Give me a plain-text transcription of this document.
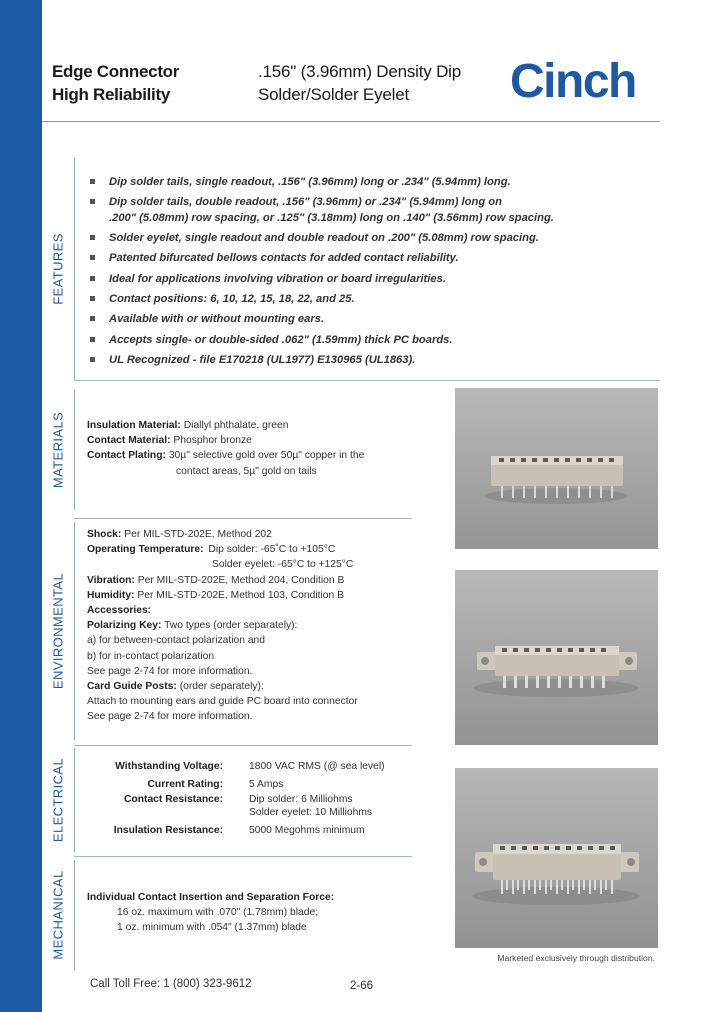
Edge Connector
High Reliability
.156" (3.96mm) Density Dip
Solder/Solder Eyelet	Cinch
FEATURES
MATERIALS
ENVIRONMENTAL
ELECTRICAL
MECHANICAL
Dip solder tails, single readout, .156" (3.96mm) long or .234" (5.94mm) long.
Dip solder tails, double readout, .156" (3.96mm) or .234" (5.94mm) long on
.200" (5.08mm) row spacing, or .125" (3.18mm) long on .140" (3.56mm) row spacing.
Solder eyelet, single readout and double readout on .200" (5.08mm) row spacing.
Patented bifurcated bellows contacts for added contact reliability.
Ideal for applications involving vibration or board irregularities.
Contact positions: 6, 10, 12, 15, 18, 22, and 25.
Available with or without mounting ears.
Accepts single- or double-sided .062" (1.59mm) thick PC boards.
UL Recognized - file E170218 (UL1977) E130965 (UL1863).
Insulation Material: Diallyl phthalate, green
Contact Material: Phosphor bronze
Contact Plating: 30µ" selective gold over 50µ" copper in the
contact areas, 5µ" gold on tails
Shock: Per MIL-STD-202E, Method 202
Operating Temperature: Dip solder: -65˚C to +105°C
Solder eyelet: -65°C to +125°C
Vibration: Per MIL-STD-202E, Method 204, Condition B
Humidity: Per MIL-STD-202E, Method 103, Condition B
Accessories:
Polarizing Key: Two types (order separately):
a) for between-contact polarization and
b) for in-contact polarization
See page 2-74 for more information.
Card Guide Posts: (order separately):
Attach to mounting ears and guide PC board into connector
See page 2-74 for more information.
Withstanding Voltage:	1800 VAC RMS (@ sea level)
Current Rating:	5 Amps
Contact Resistance:	Dip solder: 6 Milliohms
Solder eyelet: 10 Milliohms
Insulation Resistance:	5000 Megohms minimum
Individual Contact Insertion and Separation Force:
16 oz. maximum with .070" (1.78mm) blade;
1 oz. minimum with .054" (1.37mm) blade
Marketed exclusively through distribution.
Call Toll Free: 1 (800) 323-9612	2-66
